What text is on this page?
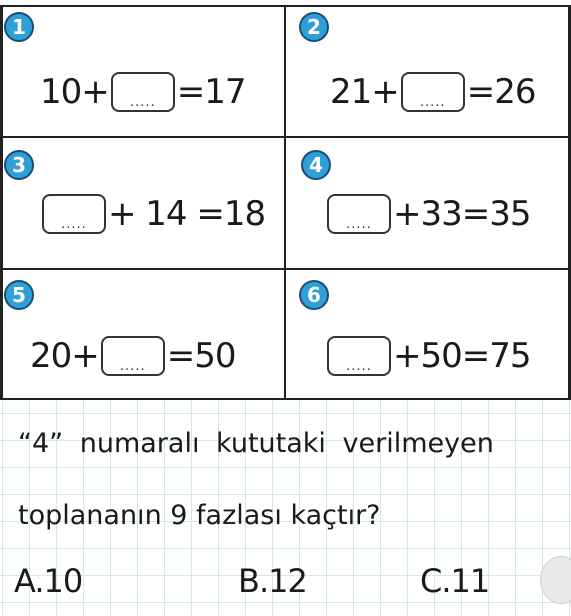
1
10+ ..... =17
2
21+ ..... =26
3
.....
+ 14 =18
4
.....
+33=35
5
20+ ..... =50
6
.....
+50=75
“4” numaralı kututaki verilmeyen
toplananın 9 fazlası kaçtır?
A.10	B.12	C.11
